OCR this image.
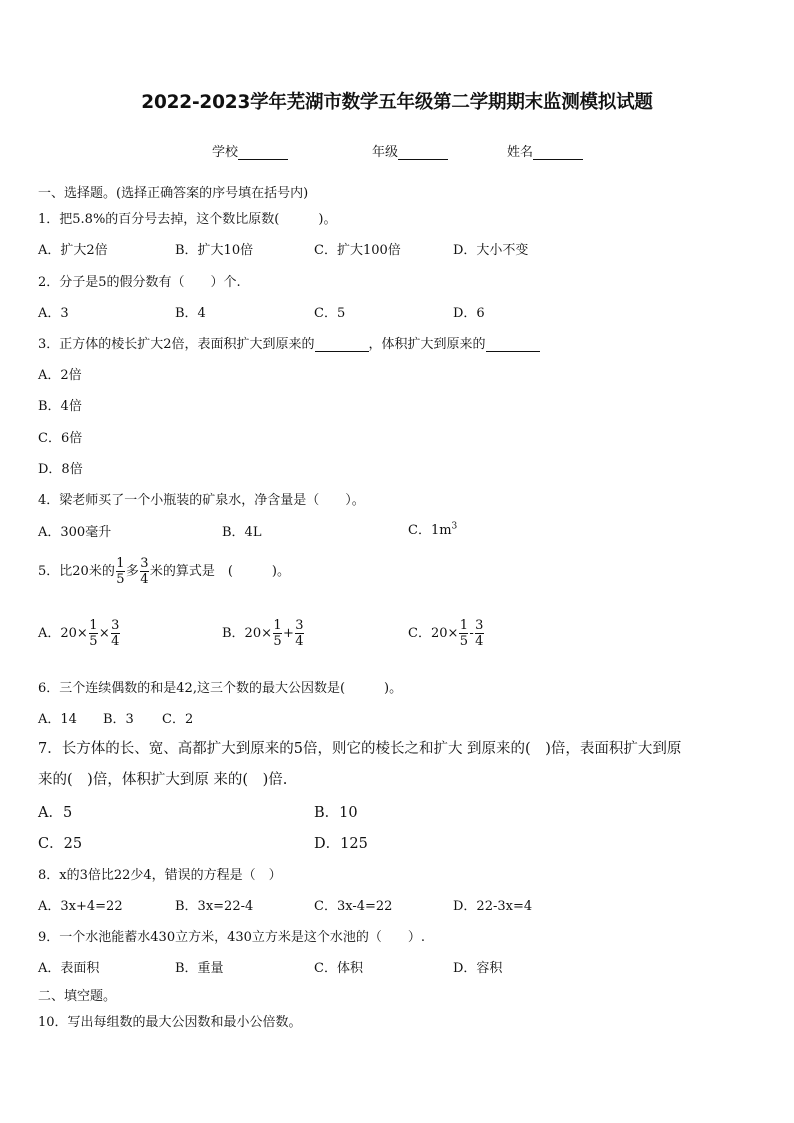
2022-2023学年芜湖市数学五年级第二学期期末监测模拟试题
学校	年级	姓名
一、选择题。(选择正确答案的序号填在括号内)
1．把5.8%的百分号去掉，这个数比原数(　　　)。
A．扩大2倍	B．扩大10倍	C．扩大100倍	D．大小不变
2．分子是5的假分数有（　　）个.
A．3	B．4	C．5	D．6
3．正方体的棱长扩大2倍，表面积扩大到原来的	，体积扩大到原来的
A．2倍
B．4倍
C．6倍
D．8倍
4．梁老师买了一个小瓶装的矿泉水，净含量是（　　）。
A．300毫升	B．4L	C．$1m^3$
5．比20米的 $\frac{1}{5}$ 多 $\frac{3}{4}$ 米的算式是　(　　　)。
A．$20\times \frac{1}{5} \times \frac{3}{4}$	B．$20\times \frac{1}{5} + \frac{3}{4}$	C．$20\times \frac{1}{5} - \frac{3}{4}$
6．三个连续偶数的和是42,这三个数的最大公因数是(　　　)。
A．14 B．3 C．2
7．长方体的长、宽、高都扩大到原来的5倍，则它的棱长之和扩大 到原来的(　)倍，表面积扩大到原
来的(　)倍，体积扩大到原 来的(　)倍.
A．5	B．10
C．25	D．125
8．x的3倍比22少4，错误的方程是（　）
A．3x+4=22	B．3x=22-4	C．3x-4=22	D．22-3x=4
9．一个水池能蓄水430立方米，430立方米是这个水池的（　　）.
A．表面积	B．重量	C．体积	D．容积
二、填空题。
10．写出每组数的最大公因数和最小公倍数。
